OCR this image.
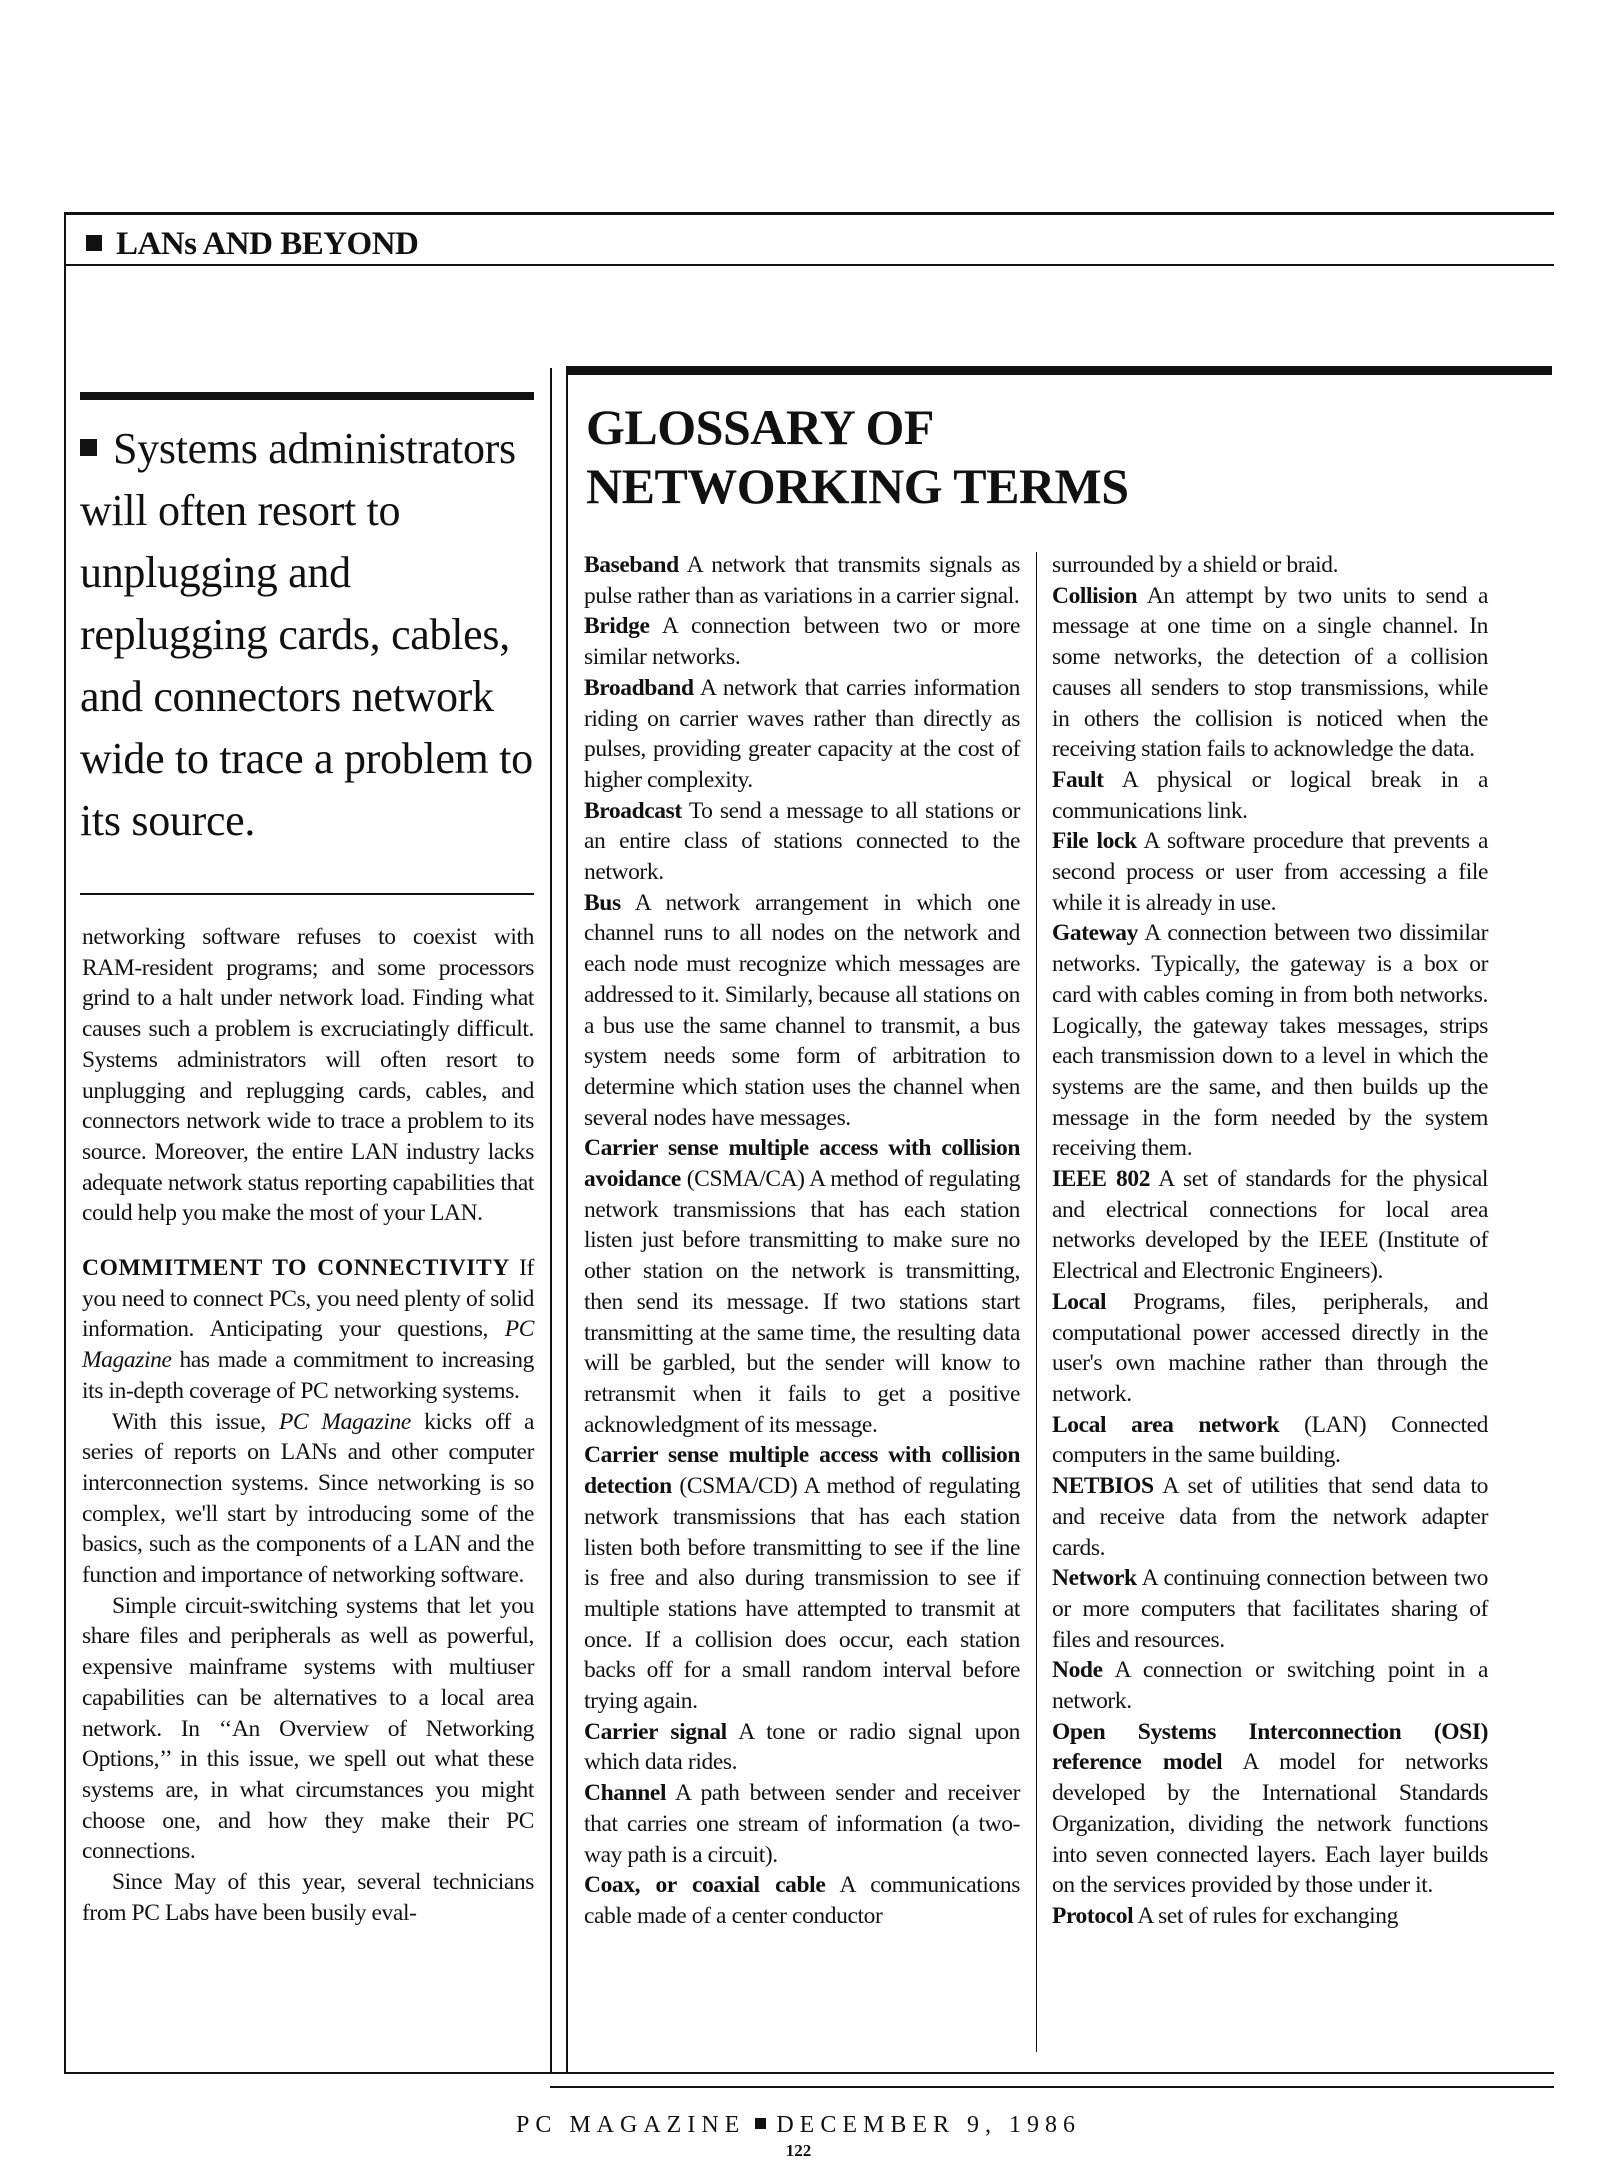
LANs AND BEYOND
Systems administrators will often resort to unplugging and replugging cards, cables, and connectors network wide to trace a problem to its source.

networking software refuses to coexist with RAM-resident programs; and some processors grind to a halt under network load. Finding what causes such a problem is excruciatingly difficult. Systems administrators will often resort to unplugging and replugging cards, cables, and connectors network wide to trace a problem to its source. Moreover, the entire LAN industry lacks adequate network status reporting capabilities that could help you make the most of your LAN.

COMMITMENT TO CONNECTIVITY If you need to connect PCs, you need plenty of solid information. Anticipating your questions, PC Magazine has made a commitment to increasing its in-depth coverage of PC networking systems.

With this issue, PC Magazine kicks off a series of reports on LANs and other computer interconnection systems. Since networking is so complex, we'll start by introducing some of the basics, such as the components of a LAN and the function and importance of networking software.

Simple circuit-switching systems that let you share files and peripherals as well as powerful, expensive mainframe systems with multiuser capabilities can be alternatives to a local area network. In ‘‘An Overview of Networking Options,’’ in this issue, we spell out what these systems are, in what circumstances you might choose one, and how they make their PC connections.

Since May of this year, several technicians from PC Labs have been busily eval-

GLOSSARY OF
NETWORKING TERMS

Baseband A network that transmits signals as pulse rather than as variations in a carrier signal.

Bridge A connection between two or more similar networks.

Broadband A network that carries information riding on carrier waves rather than directly as pulses, providing greater capacity at the cost of higher complexity.

Broadcast To send a message to all stations or an entire class of stations connected to the network.

Bus A network arrangement in which one channel runs to all nodes on the network and each node must recognize which messages are addressed to it. Similarly, because all stations on a bus use the same channel to transmit, a bus system needs some form of arbitration to determine which station uses the channel when several nodes have messages.

Carrier sense multiple access with collision avoidance (CSMA/CA) A method of regulating network transmissions that has each station listen just before transmitting to make sure no other station on the network is transmitting, then send its message. If two stations start transmitting at the same time, the resulting data will be garbled, but the sender will know to retransmit when it fails to get a positive acknowledgment of its message.

Carrier sense multiple access with collision detection (CSMA/CD) A method of regulating network transmissions that has each station listen both before transmitting to see if the line is free and also during transmission to see if multiple stations have attempted to transmit at once. If a collision does occur, each station backs off for a small random interval before trying again.

Carrier signal A tone or radio signal upon which data rides.

Channel A path between sender and receiver that carries one stream of information (a two-way path is a circuit).

Coax, or coaxial cable A communications cable made of a center conductor

surrounded by a shield or braid.

Collision An attempt by two units to send a message at one time on a single channel. In some networks, the detection of a collision causes all senders to stop transmissions, while in others the collision is noticed when the receiving station fails to acknowledge the data.

Fault A physical or logical break in a communications link.

File lock A software procedure that prevents a second process or user from accessing a file while it is already in use.

Gateway A connection between two dissimilar networks. Typically, the gateway is a box or card with cables coming in from both networks. Logically, the gateway takes messages, strips each transmission down to a level in which the systems are the same, and then builds up the message in the form needed by the system receiving them.

IEEE 802 A set of standards for the physical and electrical connections for local area networks developed by the IEEE (Institute of Electrical and Electronic Engineers).

Local Programs, files, peripherals, and computational power accessed directly in the user's own machine rather than through the network.

Local area network (LAN) Connected computers in the same building.

NETBIOS A set of utilities that send data to and receive data from the network adapter cards.

Network A continuing connection between two or more computers that facilitates sharing of files and resources.

Node A connection or switching point in a network.

Open Systems Interconnection (OSI) reference model A model for networks developed by the International Standards Organization, dividing the network functions into seven connected layers. Each layer builds on the services provided by those under it.

Protocol A set of rules for exchanging

PC MAGAZINE DECEMBER 9, 1986
122
